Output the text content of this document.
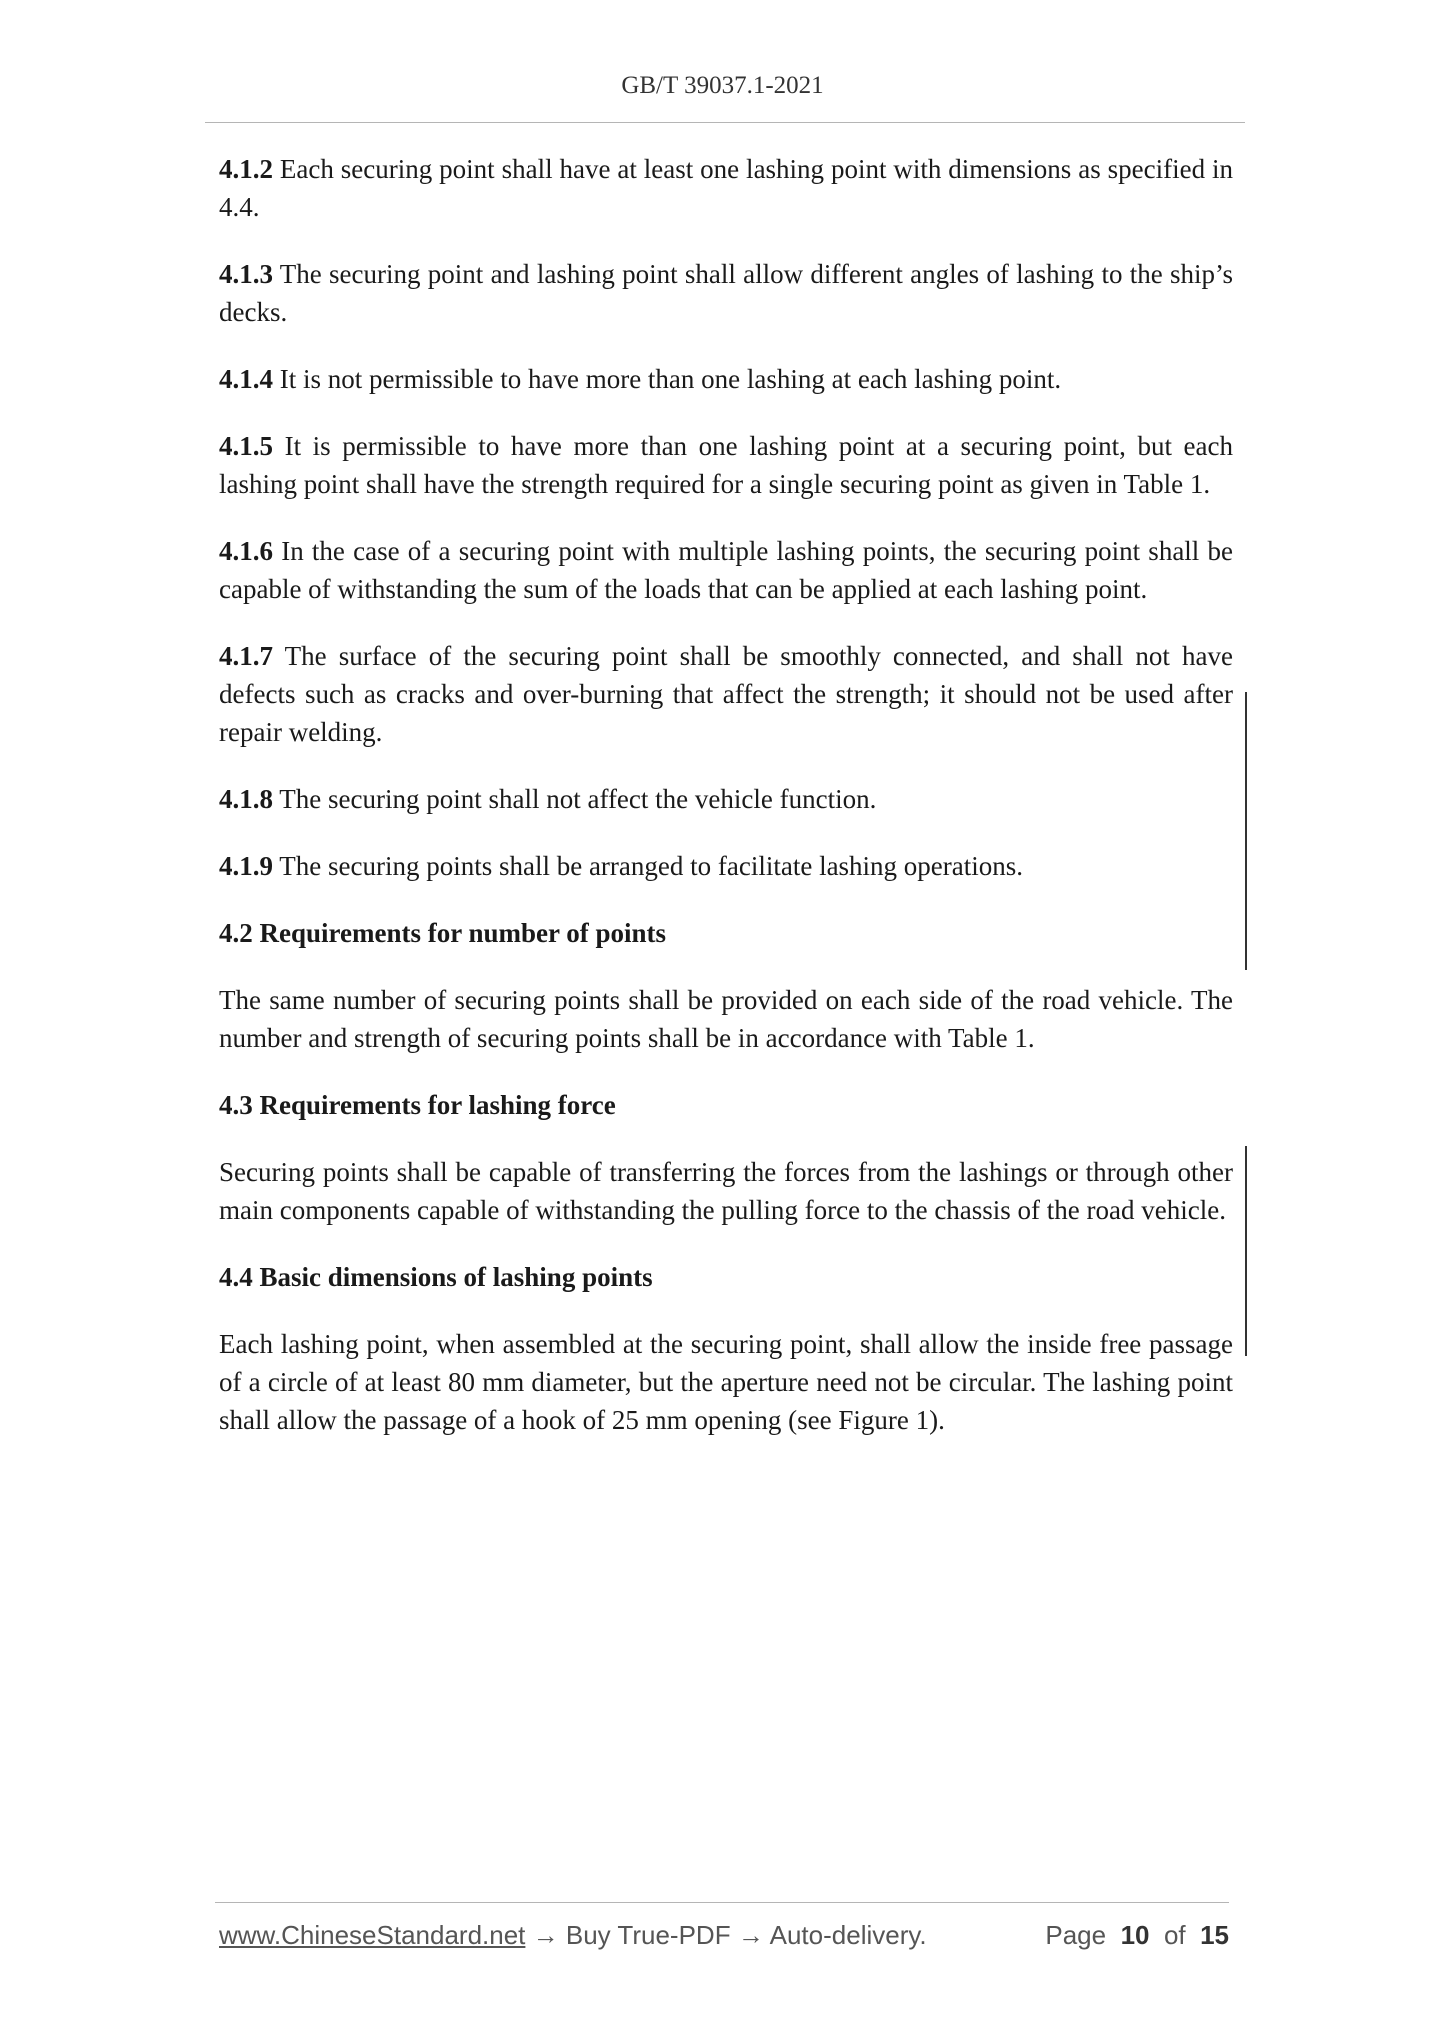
GB/T 39037.1-2021

4.1.2 Each securing point shall have at least one lashing point with dimensions as specified in 4.4.

4.1.3 The securing point and lashing point shall allow different angles of lashing to the ship’s decks.

4.1.4 It is not permissible to have more than one lashing at each lashing point.

4.1.5 It is permissible to have more than one lashing point at a securing point, but each lashing point shall have the strength required for a single securing point as given in Table 1.

4.1.6 In the case of a securing point with multiple lashing points, the securing point shall be capable of withstanding the sum of the loads that can be applied at each lashing point.

4.1.7 The surface of the securing point shall be smoothly connected, and shall not have defects such as cracks and over-burning that affect the strength; it should not be used after repair welding.

4.1.8 The securing point shall not affect the vehicle function.

4.1.9 The securing points shall be arranged to facilitate lashing operations.

4.2 Requirements for number of points

The same number of securing points shall be provided on each side of the road vehicle. The number and strength of securing points shall be in accordance with Table 1.

4.3 Requirements for lashing force

Securing points shall be capable of transferring the forces from the lashings or through other main components capable of withstanding the pulling force to the chassis of the road vehicle.

4.4 Basic dimensions of lashing points

Each lashing point, when assembled at the securing point, shall allow the inside free passage of a circle of at least 80 mm diameter, but the aperture need not be circular. The lashing point shall allow the passage of a hook of 25 mm opening (see Figure 1).

www.ChineseStandard.net → Buy True-PDF → Auto-delivery.	Page 10 of 15
